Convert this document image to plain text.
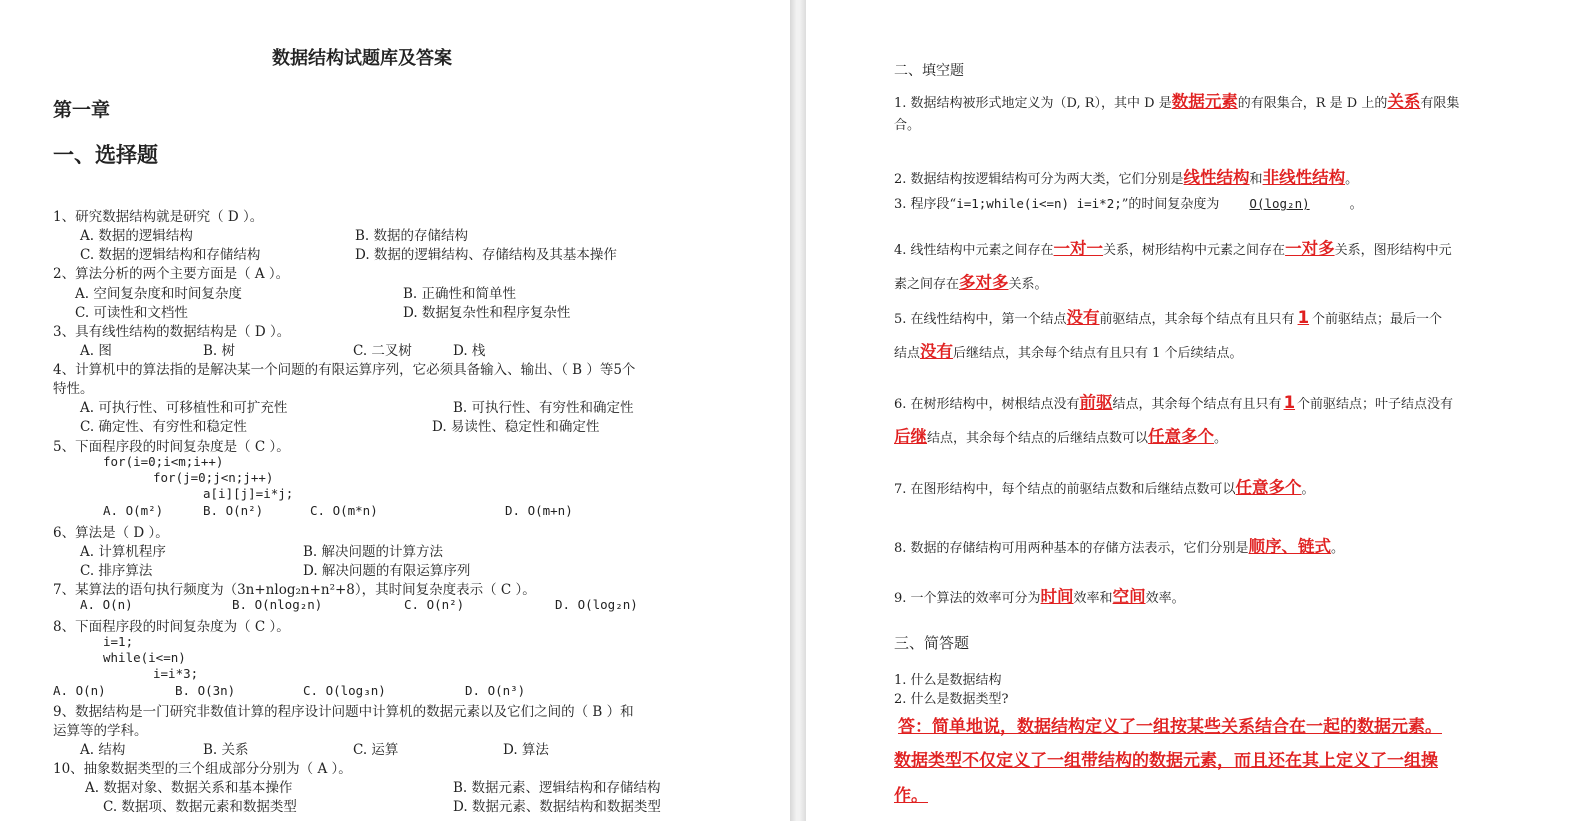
数据结构试题库及答案
第一章
一、选择题
1、研究数据结构就是研究（ D ）。
A. 数据的逻辑结构	B. 数据的存储结构
C. 数据的逻辑结构和存储结构	D. 数据的逻辑结构、存储结构及其基本操作
2、算法分析的两个主要方面是（ A ）。
A. 空间复杂度和时间复杂度	B. 正确性和简单性
C. 可读性和文档性	D. 数据复杂性和程序复杂性
3、具有线性结构的数据结构是（ D ）。
A. 图	B. 树	C. 二叉树	D. 栈
4、计算机中的算法指的是解决某一个问题的有限运算序列，它必须具备输入、输出、（ B ）等5个
特性。
A. 可执行性、可移植性和可扩充性	B. 可执行性、有穷性和确定性
C. 确定性、有穷性和稳定性	D. 易读性、稳定性和确定性
5、下面程序段的时间复杂度是（ C ）。
for(i=0;i<m;i++)
for(j=0;j<n;j++)
a[i][j]=i*j;
A. O(m²)	B. O(n²)	C. O(m*n)	D. O(m+n)
6、算法是（ D ）。
A. 计算机程序	B. 解决问题的计算方法
C. 排序算法	D. 解决问题的有限运算序列
7、某算法的语句执行频度为（3n+nlog₂n+n²+8），其时间复杂度表示（ C ）。
A. O(n)	B. O(nlog₂n)	C. O(n²)	D. O(log₂n)
8、下面程序段的时间复杂度为（ C ）。
i=1;
while(i<=n)
i=i*3;
A. O(n)	B. O(3n)	C. O(log₃n)	D. O(n³)
9、数据结构是一门研究非数值计算的程序设计问题中计算机的数据元素以及它们之间的（ B ）和
运算等的学科。
A. 结构	B. 关系	C. 运算	D. 算法
10、抽象数据类型的三个组成部分分别为（ A ）。
A. 数据对象、数据关系和基本操作	B. 数据元素、逻辑结构和存储结构
C. 数据项、数据元素和数据类型	D. 数据元素、数据结构和数据类型
二、填空题
1. 数据结构被形式地定义为（D, R），其中 D 是数据元素的有限集合，R 是 D 上的关系有限集
合。
2. 数据结构按逻辑结构可分为两大类，它们分别是线性结构和非线性结构。
3. 程序段“i=1;while(i<=n) i=i*2;”的时间复杂度为 O(log₂n)	。
4. 线性结构中元素之间存在一对一关系，树形结构中元素之间存在一对多关系，图形结构中元
素之间存在多对多关系。
5. 在线性结构中，第一个结点没有前驱结点，其余每个结点有且只有 1 个前驱结点；最后一个
结点没有后继结点，其余每个结点有且只有 1 个后续结点。
6. 在树形结构中，树根结点没有前驱结点，其余每个结点有且只有 1 个前驱结点；叶子结点没有
后继结点，其余每个结点的后继结点数可以任意多个。
7. 在图形结构中，每个结点的前驱结点数和后继结点数可以任意多个。
8. 数据的存储结构可用两种基本的存储方法表示，它们分别是顺序、链式。
9. 一个算法的效率可分为时间效率和空间效率。
三、简答题
1. 什么是数据结构
2. 什么是数据类型?
答：简单地说，数据结构定义了一组按某些关系结合在一起的数据元素。
数据类型不仅定义了一组带结构的数据元素，而且还在其上定义了一组操
作。
